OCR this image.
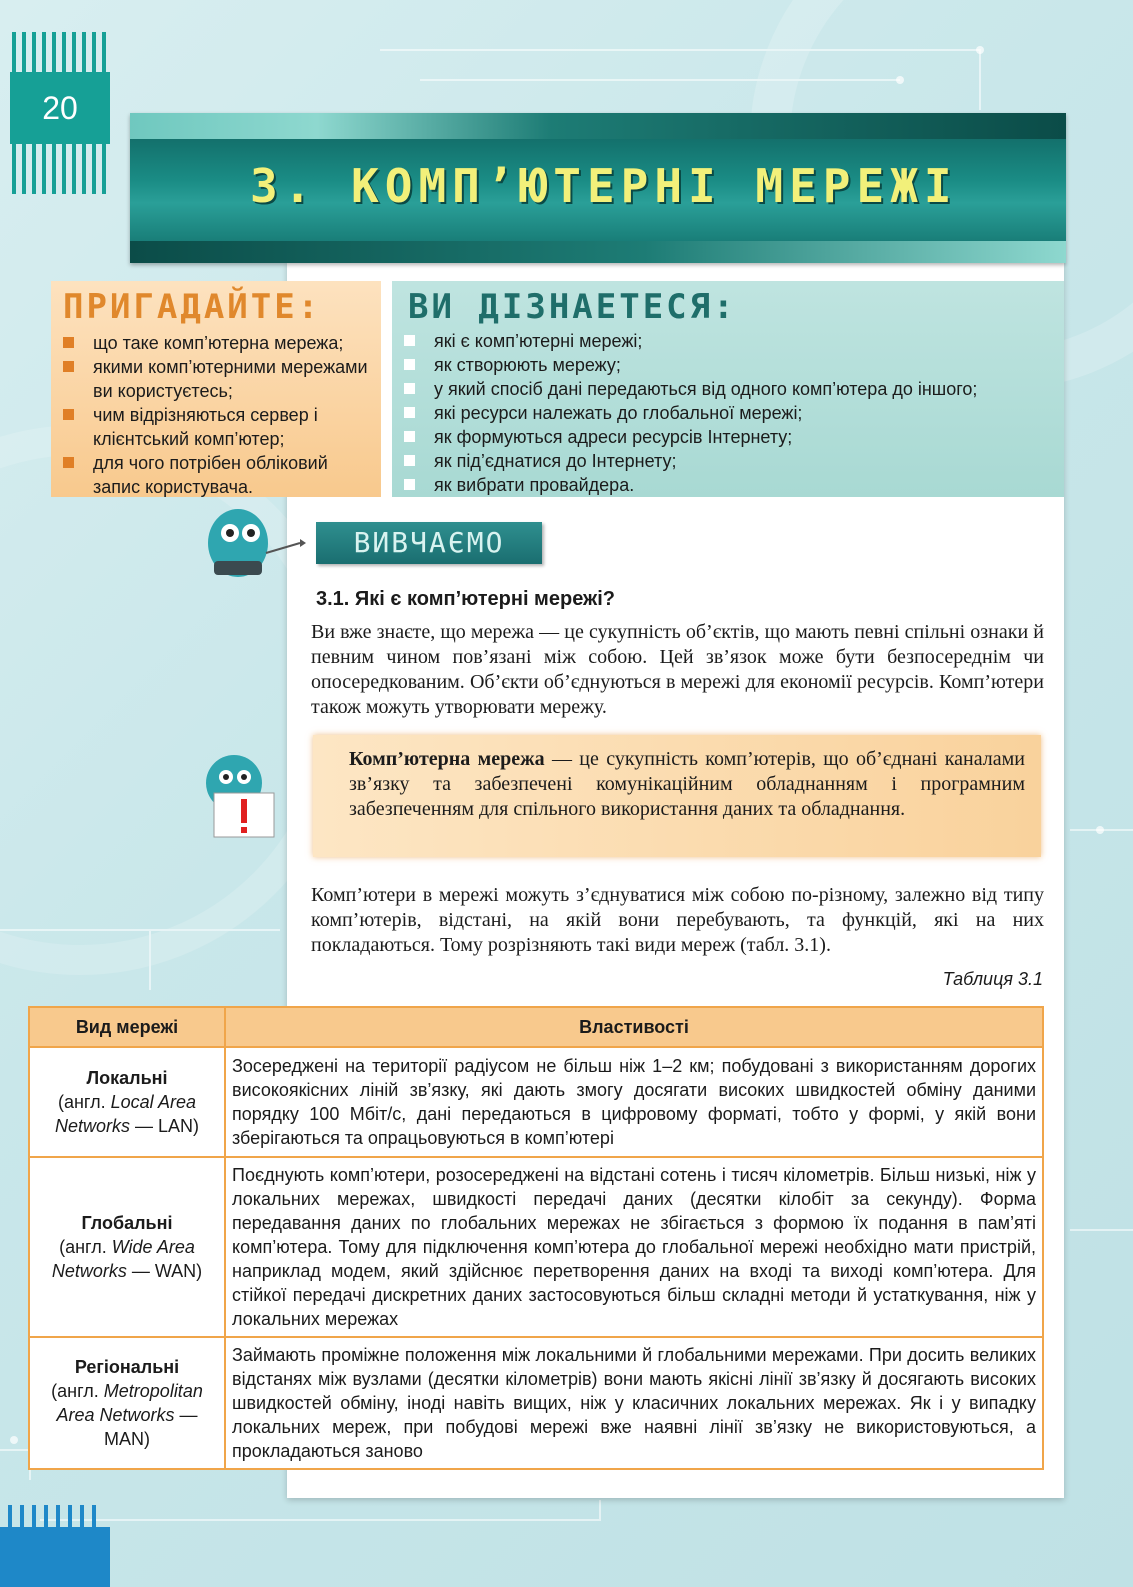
20
3. КОМП’ЮТЕРНІ МЕРЕЖІ
ПРИГАДАЙТЕ:
що таке комп’ютерна мережа;
якими комп’ютерними мережами ви користуєтесь;
чим відрізняються сервер і клієнтський комп’ютер;
для чого потрібен обліковий запис користувача.
ВИ ДІЗНАЕТЕСЯ:
які є комп’ютерні мережі;
як створюють мережу;
у який спосіб дані передаються від одного комп’ютера до іншого;
які ресурси належать до глобальної мережі;
як формуються адреси ресурсів Інтернету;
як під’єднатися до Інтернету;
як вибрати провайдера.
ВИВЧАЄМО
3.1. Які є комп’ютерні мережі?
Ви вже знаєте, що мережа — це сукупність об’єктів, що мають певні спільні ознаки й певним чином пов’язані між собою. Цей зв’язок може бути безпосереднім чи опосередкованим. Об’єкти об’єднуються в мережі для економії ресурсів. Комп’ютери також можуть утворювати мережу.
Комп’ютерна мережа — це сукупність комп’ютерів, що об’єднані каналами зв’язку та забезпечені комунікаційним обладнанням і програмним забезпеченням для спільного використання даних та обладнання.
Комп’ютери в мережі можуть з’єднуватися між собою по-різному, залежно від типу комп’ютерів, відстані, на якій вони перебувають, та функцій, які на них покладаються. Тому розрізняють такі види мереж (табл. 3.1).
Таблиця 3.1
Вид мережі	Властивості

Локальні
(англ. Local Area Networks — LAN)	Зосереджені на території радіусом не більш ніж 1–2 км; побудовані з використанням дорогих високоякісних ліній зв’язку, які дають змогу досягати високих швидкостей обміну даними порядку 100 Мбіт/с, дані передаються в цифровому форматі, тобто у формі, у якій вони зберігаються та опрацьовуються в комп’ютері

Глобальні
(англ. Wide Area Networks — WAN)	Поєднують комп’ютери, розосереджені на відстані сотень і тисяч кілометрів. Більш низькі, ніж у локальних мережах, швидкості передачі даних (десятки кілобіт за секунду). Форма передавання даних по глобальних мережах не збігається з формою їх подання в пам’яті комп’ютера. Тому для підключення комп’ютера до глобальної мережі необхідно мати пристрій, наприклад модем, який здійснює перетворення даних на вході та виході комп’ютера. Для стійкої передачі дискретних даних застосовуються більш складні методи й устаткування, ніж у локальних мережах

Регіональні
(англ. Metropolitan Area Networks — MAN)	Займають проміжне положення між локальними й глобальними мережами. При досить великих відстанях між вузлами (десятки кілометрів) вони мають якісні лінії зв’язку й досягають високих швидкостей обміну, іноді навіть вищих, ніж у класичних локальних мережах. Як і у випадку локальних мереж, при побудові мережі вже наявні лінії зв’язку не використовуються, а прокладаються заново
